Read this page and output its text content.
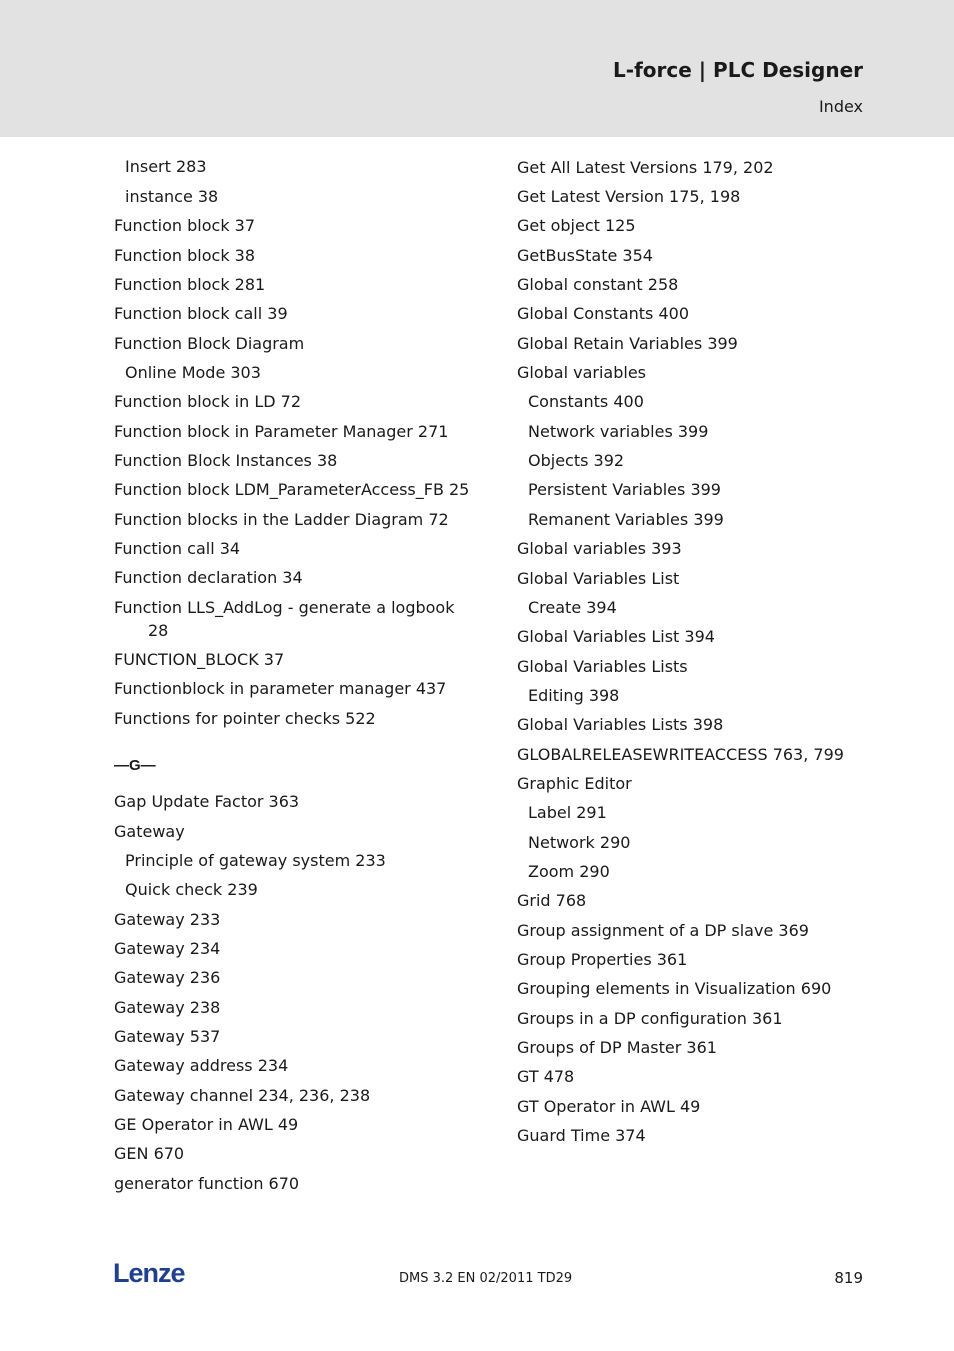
L-force | PLC Designer
Index
Insert 283
instance 38
Function block 37
Function block 38
Function block 281
Function block call 39
Function Block Diagram
Online Mode 303
Function block in LD 72
Function block in Parameter Manager 271
Function Block Instances 38
Function block LDM_ParameterAccess_FB 25
Function blocks in the Ladder Diagram 72
Function call 34
Function declaration 34
Function LLS_AddLog - generate a logbook
28
FUNCTION_BLOCK 37
Functionblock in parameter manager 437
Functions for pointer checks 522
—G—
Gap Update Factor 363
Gateway
Principle of gateway system 233
Quick check 239
Gateway 233
Gateway 234
Gateway 236
Gateway 238
Gateway 537
Gateway address 234
Gateway channel 234, 236, 238
GE Operator in AWL 49
GEN 670
generator function 670
Get All Latest Versions 179, 202
Get Latest Version 175, 198
Get object 125
GetBusState 354
Global constant 258
Global Constants 400
Global Retain Variables 399
Global variables
Constants 400
Network variables 399
Objects 392
Persistent Variables 399
Remanent Variables 399
Global variables 393
Global Variables List
Create 394
Global Variables List 394
Global Variables Lists
Editing 398
Global Variables Lists 398
GLOBALRELEASEWRITEACCESS 763, 799
Graphic Editor
Label 291
Network 290
Zoom 290
Grid 768
Group assignment of a DP slave 369
Group Properties 361
Grouping elements in Visualization 690
Groups in a DP configuration 361
Groups of DP Master 361
GT 478
GT Operator in AWL 49
Guard Time 374
Lenze	DMS 3.2 EN 02/2011 TD29	819
